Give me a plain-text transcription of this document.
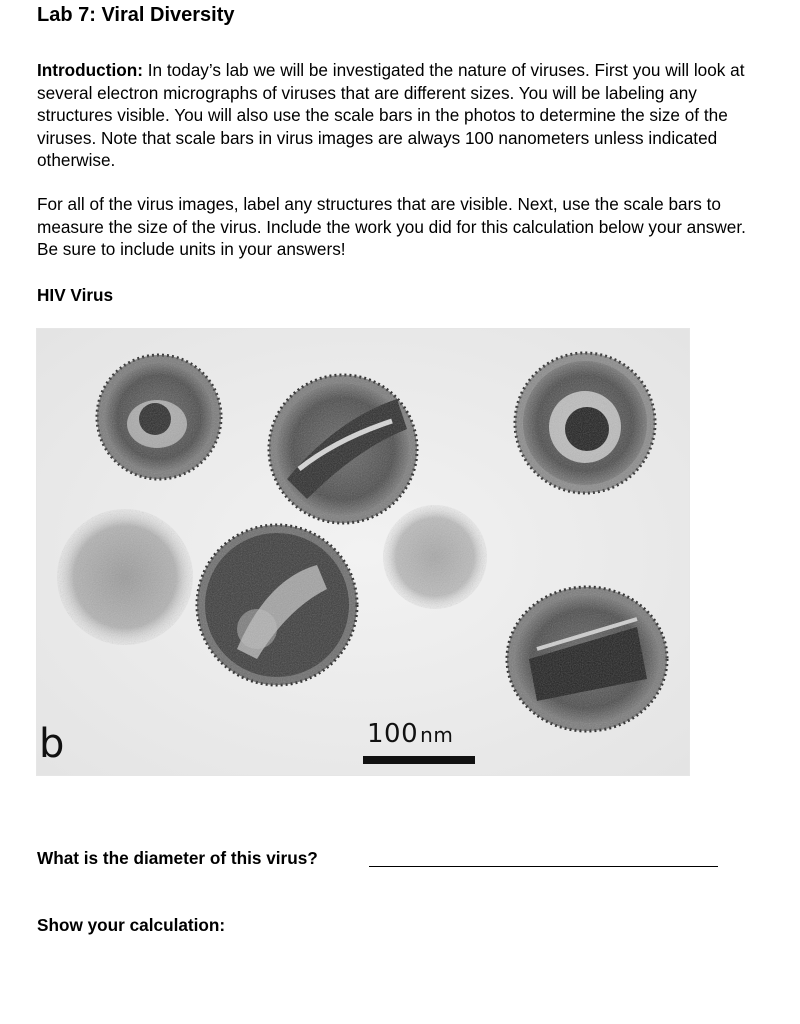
Lab 7: Viral Diversity

Introduction: In today’s lab we will be investigated the nature of viruses. First you will look at several electron micrographs of viruses that are different sizes. You will be labeling any structures visible. You will also use the scale bars in the photos to determine the size of the viruses. Note that scale bars in virus images are always 100 nanometers unless indicated otherwise.

For all of the virus images, label any structures that are visible. Next, use the scale bars to measure the size of the virus. Include the work you did for this calculation below your answer. Be sure to include units in your answers!

HIV Virus
b	100 nm

What is the diameter of this virus?

Show your calculation:
